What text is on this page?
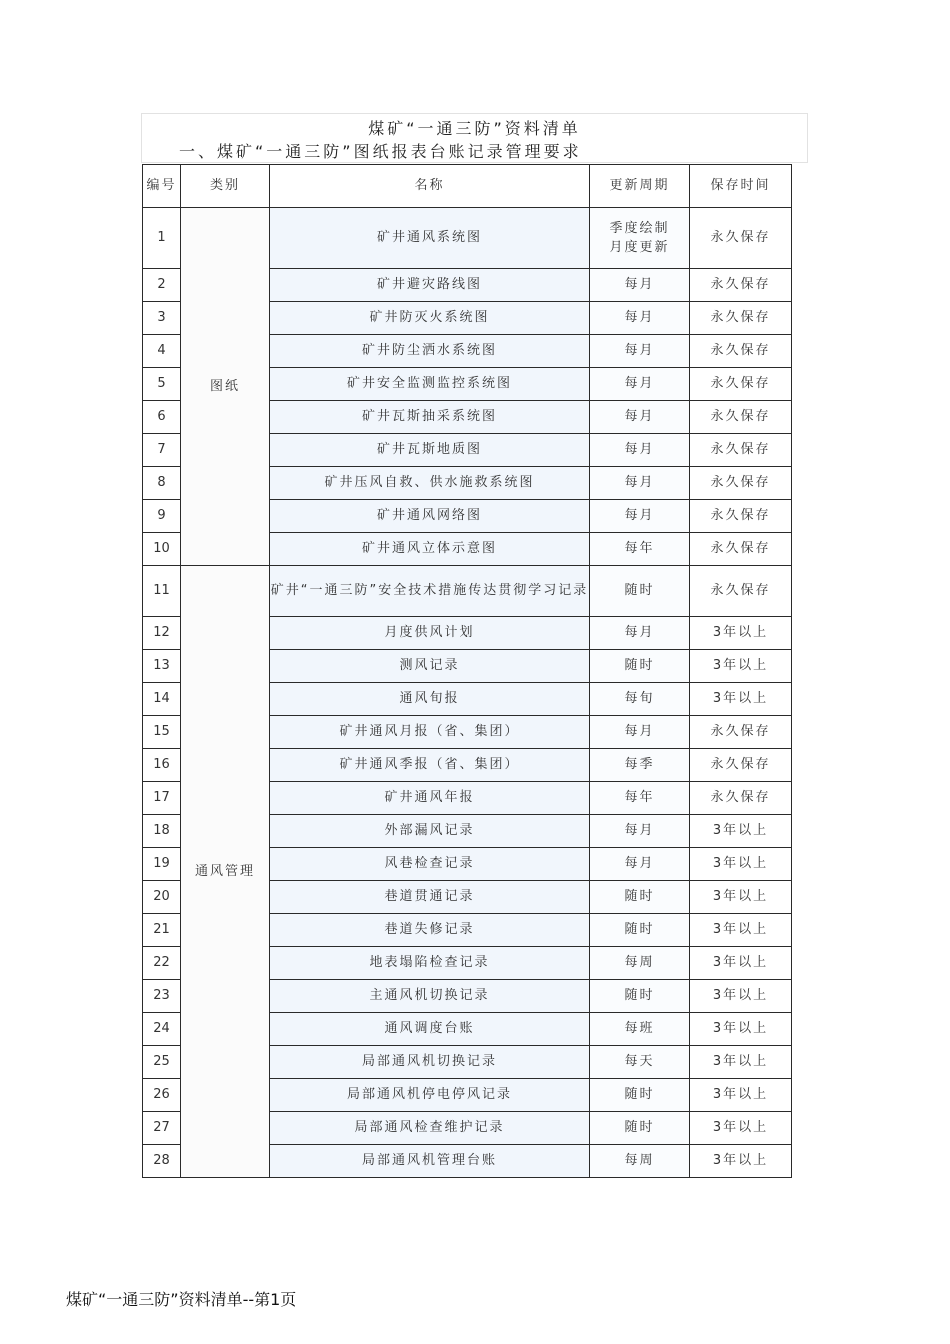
煤矿“一通三防”资料清单
一、煤矿“一通三防”图纸报表台账记录管理要求
编号	类别	名称	更新周期	保存时间
1	图纸	矿井通风系统图	季度绘制 月度更新	永久保存
2		矿井避灾路线图	每月	永久保存
3		矿井防灭火系统图	每月	永久保存
4		矿井防尘洒水系统图	每月	永久保存
5		矿井安全监测监控系统图	每月	永久保存
6		矿井瓦斯抽采系统图	每月	永久保存
7		矿井瓦斯地质图	每月	永久保存
8		矿井压风自救、供水施救系统图	每月	永久保存
9		矿井通风网络图	每月	永久保存
10		矿井通风立体示意图	每年	永久保存
11	通风管理	矿井“一通三防”安全技术措施传达贯彻学习记录	随时	永久保存
12		月度供风计划	每月	3年以上
13		测风记录	随时	3年以上
14		通风旬报	每旬	3年以上
15		矿井通风月报（省、集团）	每月	永久保存
16		矿井通风季报（省、集团）	每季	永久保存
17		矿井通风年报	每年	永久保存
18		外部漏风记录	每月	3年以上
19		风巷检查记录	每月	3年以上
20		巷道贯通记录	随时	3年以上
21		巷道失修记录	随时	3年以上
22		地表塌陷检查记录	每周	3年以上
23		主通风机切换记录	随时	3年以上
24		通风调度台账	每班	3年以上
25		局部通风机切换记录	每天	3年以上
26		局部通风机停电停风记录	随时	3年以上
27		局部通风检查维护记录	随时	3年以上
28		局部通风机管理台账	每周	3年以上
煤矿“一通三防”资料清单--第1页
